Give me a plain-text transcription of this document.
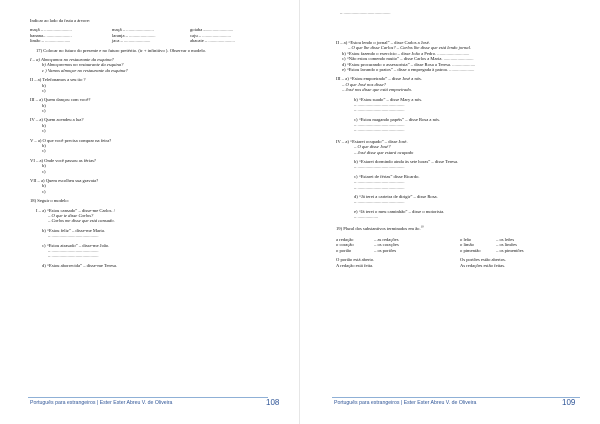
Indicar ao lado da fruta a árvore:
maçã – ........................	maçã – ........................	goiaba –........................
banana– ......................	laranja – .......................	caju – .........................
limão – ......................	jaca – .......................	abacate – .......................
17) Colocar no futuro do presente e no futuro pretérito. (ir + infinitivo ). Observar o modelo.
I – a) Almoçamos no restaurante da esquina?
b) Almoçaremos no restaurante da esquina?
c ) Vamos almoçar no restaurante da esquina?
II – a) Telefonamos a seu tio ?
b)
c)
III – a) Quem dançou com você?
b)
c)
IV – a) Quem acendeu a luz?
b)
c)
V – a) O que você precisa comprar na feira?
b)
c)
VI – a) Onde você passou as férias?
b)
c)
VII – a) Quem escolheu sua gravata?
b)
c)
18) Seguir o modelo:
I – a) “Estou cansado” – disse-me Carlos. /
– O que te disse Carlos?
– Carlos me disse que está cansado.
b) “Estou feliz” – disse-me Marta.
– .........................................
c) “Estou atrasado” – disse-me João.
– .........................................
– .........................................
d) “Estou aborrecida” – disse-me Teresa.
Português para estrangeiros | Ester Ester Abreu V. de Oliveira	108
– .........................................
II – a) “Estou lendo o jornal” – disse Carlos a José.
– O que lhe disse Carlos? – Carlos lhe disse que está lendo jornal.
b) “Estou fazendo o exercício – disse João a Pedro. ............................
c) “Não estou comendo muito” – disse Carlos a Maria. ..........................
d) “Estou procurando o assessorista” – disse Rosa a Teresa. ....................
e) “Estou lavando o pratos” – disse a empregada à patroa. ......................
III – a) “Estou empoeirado” – disse José a nós.
– O que José nos disse?
– José nos disse que está empoeirado.
b) “Estou suado” – disse Mary a nós.
– .........................................
– .........................................
c) “Estou magando papéis” – disse Rosa a nós.
– .........................................
– .........................................
IV – a) “Estarei ocupado” – disse José.
– O que disse José?
– José disse que estará ocupado
b) “Estarei dormindo ainda às sete horas” – disse Teresa.
– .........................................
c) “Estarei de férias” disse Ricardo.
– .........................................
– .........................................
d) “Já terei a carteira de dirigir” – disse Rosa.
– .........................................
e) “Já terei o meu caminhão” – disse o motorista.
– ..................
19) Plural dos substantivos terminados em ão.$^{10}$
a redação	– as redações	o leão	– os leões
o coração	– os corações	o limão	– os limões
o portão	– os portões	o pimentão	– os pimentões
O portão está aberto.	Os portões estão abertos.
A redação está feita.	As redações estão feitas.
Português para estrangeiros | Ester Ester Abreu V. de Oliveira	109
